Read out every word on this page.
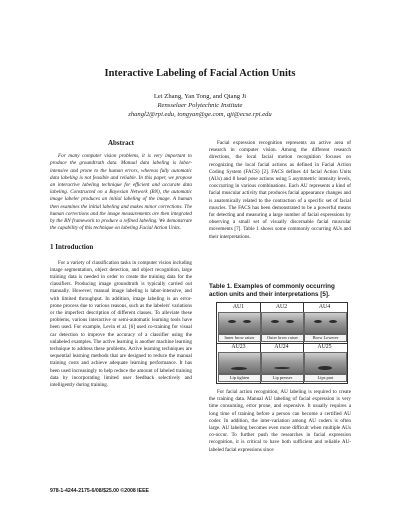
Interactive Labeling of Facial Action Units
Lei Zhang, Yan Tong, and Qiang Ji
Rensselaer Polytechnic Institute
zhangl2@rpi.edu, tongyan@ge.com, qji@ecse.rpi.edu
Abstract

For many computer vision problems, it is very important to produce the groundtruth data. Manual data labeling is labor-intensive and prone to the human errors, whereas fully automatic data labeling is not feasible and reliable. In this paper, we propose an interactive labeling technique for efficient and accurate data labeling. Constructed on a Bayesian Network (BN), the automatic image labeler produces an initial labeling of the image. A human then examines the initial labeling and makes minor corrections. The human corrections and the image measurements are then integrated by the BN framework to produce a refined labeling. We demonstrate the capability of this technique on labeling Facial Action Units.

1 Introduction

For a variety of classification tasks in computer vision including image segmentation, object detection, and object recognition, large training data is needed in order to create the training data for the classifiers. Producing image groundtruth is typically carried out manually. However, manual image labeling is labor-intensive, and with limited throughput. In addition, image labeling is an error-prone process due to various reasons, such as the labelers' variations or the imperfect description of different classes. To alleviate these problems, various interactive or semi-automatic learning tools have been used. For example, Levin et al. [6] used co-training for visual car detection to improve the accuracy of a classifier using the unlabeled examples. The active learning is another machine learning technique to address these problems. Active learning techniques are sequential learning methods that are designed to reduce the manual training costs and achieve adequate learning performance. It has been used increasingly to help reduce the amount of labeled training data by incorporating limited user feedback selectively and intelligently during training.

Facial expression recognition represents an active area of research in computer vision. Among the different research directions, the local facial motion recognition focuses on recognizing the local facial actions as defined in Facial Action Coding System (FACS) [2]. FACS defines 44 facial Action Units (AUs) and 8 head pose actions using 5 asymmetric intensity levels, cooccurring in various combinations. Each AU represents a kind of facial muscular activity that produces facial appearance changes and is anatomically related to the contraction of a specific set of facial muscles. The FACS has been demonstrated to be a powerful means for detecting and measuring a large number of facial expressions by observing a small set of visually discernable facial muscular movements [7]. Table 1 shows some commonly occurring AUs and their interpretations.

Table 1. Examples of commonly occurring action units and their interpretations [5].
AU1	AU2	AU4
Inner brow raiser	Outer brow raiser	Brow Lowerer
AU23	AU24	AU25
Lip tighten	Lip presser	Lips part

For facial action recognition, AU labeling is required to create the training data. Manual AU labeling of facial expression is very time consuming, error prone, and expensive. It usually requires a long time of training before a person can become a certified AU coder. In addition, the inter-variation among AU coders is often large. AU labeling becomes even more difficult when multiple AUs co-occur. To further push the researches in facial expression recognition, it is critical to have both sufficient and reliable AU-labeled facial expressions since

978-1-4244-2175-6/08/$25.00 ©2008 IEEE
